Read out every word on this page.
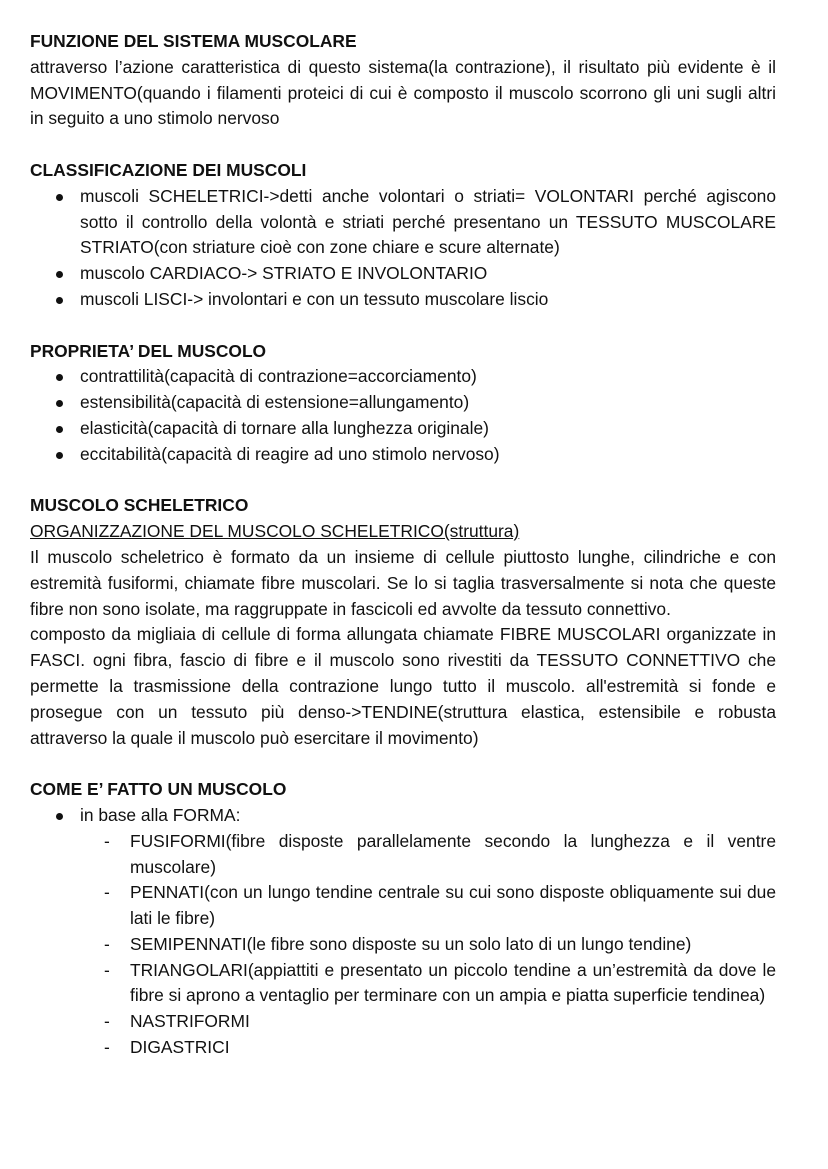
FUNZIONE DEL SISTEMA MUSCOLARE

attraverso l’azione caratteristica di questo sistema(la contrazione), il risultato più evidente è il MOVIMENTO(quando i filamenti proteici di cui è composto il muscolo scorrono gli uni sugli altri in seguito a uno stimolo nervoso

CLASSIFICAZIONE DEI MUSCOLI
muscoli SCHELETRICI->detti anche volontari o striati= VOLONTARI perché agiscono sotto il controllo della volontà e striati perché presentano un TESSUTO MUSCOLARE STRIATO(con striature cioè con zone chiare e scure alternate)
muscolo CARDIACO-> STRIATO E INVOLONTARIO
muscoli LISCI-> involontari e con un tessuto muscolare liscio
PROPRIETA’ DEL MUSCOLO
contrattilità(capacità di contrazione=accorciamento)
estensibilità(capacità di estensione=allungamento)
elasticità(capacità di tornare alla lunghezza originale)
eccitabilità(capacità di reagire ad uno stimolo nervoso)
MUSCOLO SCHELETRICO

ORGANIZZAZIONE DEL MUSCOLO SCHELETRICO(struttura)

Il muscolo scheletrico è formato da un insieme di cellule piuttosto lunghe, cilindriche e con estremità fusiformi, chiamate fibre muscolari. Se lo si taglia trasversalmente si nota che queste fibre non sono isolate, ma raggruppate in fascicoli ed avvolte da tessuto connettivo.

composto da migliaia di cellule di forma allungata chiamate FIBRE MUSCOLARI organizzate in FASCI. ogni fibra, fascio di fibre e il muscolo sono rivestiti da TESSUTO CONNETTIVO che permette la trasmissione della contrazione lungo tutto il muscolo. all'estremità si fonde e prosegue con un tessuto più denso->TENDINE(struttura elastica, estensibile e robusta attraverso la quale il muscolo può esercitare il movimento)

COME E’ FATTO UN MUSCOLO
in base alla FORMA:
- FUSIFORMI(fibre disposte parallelamente secondo la lunghezza e il ventre muscolare)
- PENNATI(con un lungo tendine centrale su cui sono disposte obliquamente sui due lati le fibre)
- SEMIPENNATI(le fibre sono disposte su un solo lato di un lungo tendine)
- TRIANGOLARI(appiattiti e presentato un piccolo tendine a un’estremità da dove le fibre si aprono a ventaglio per terminare con un ampia e piatta superficie tendinea)
- NASTRIFORMI
- DIGASTRICI
